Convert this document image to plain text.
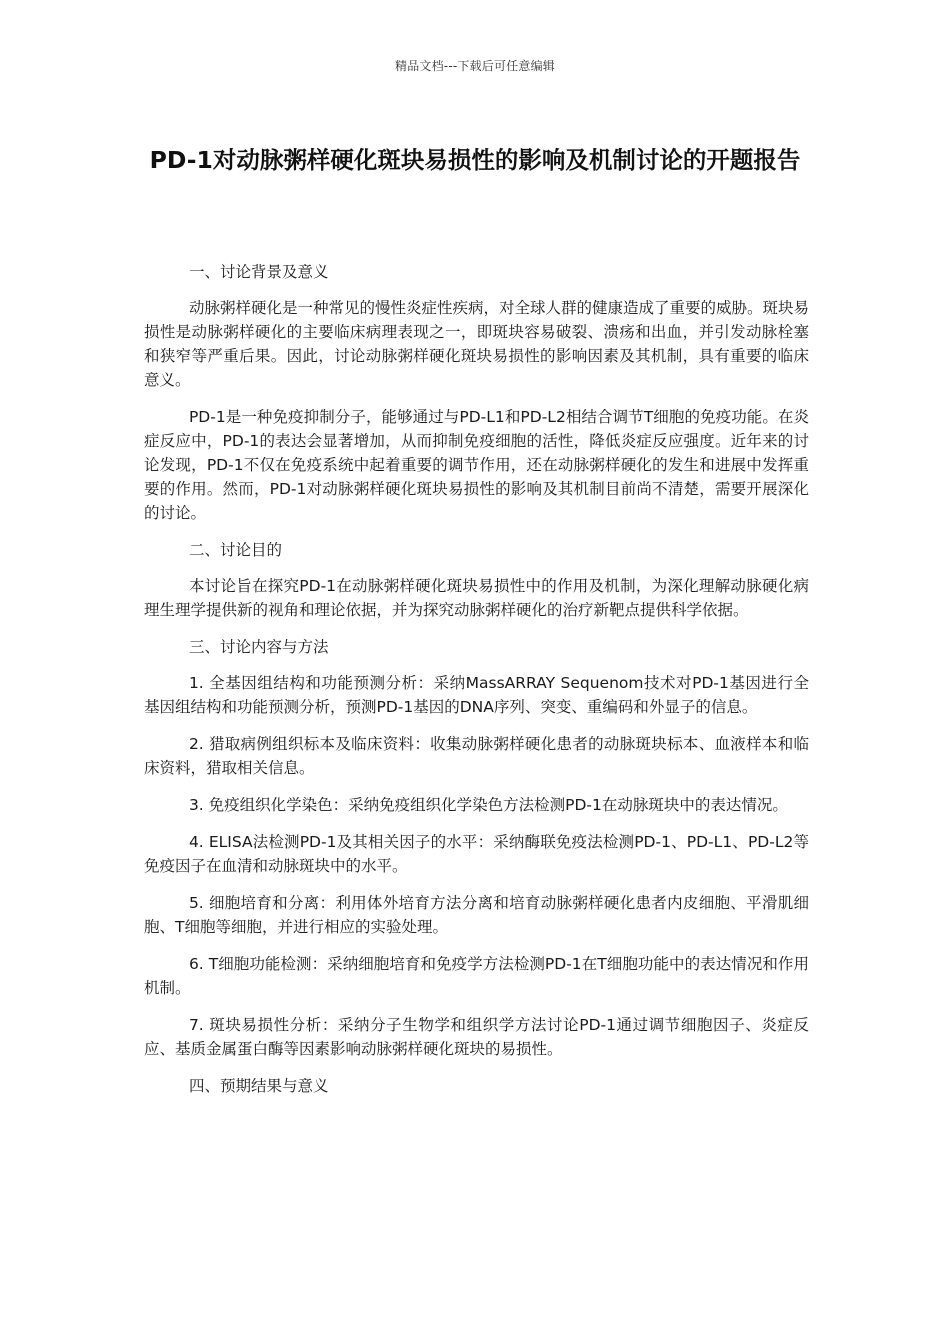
精品文档---下载后可任意编辑
PD-1对动脉粥样硬化斑块易损性的影响及机制讨论的开题报告

一、讨论背景及意义

动脉粥样硬化是一种常见的慢性炎症性疾病，对全球人群的健康造成了重要的威胁。斑块易损性是动脉粥样硬化的主要临床病理表现之一，即斑块容易破裂、溃疡和出血，并引发动脉栓塞和狭窄等严重后果。因此，讨论动脉粥样硬化斑块易损性的影响因素及其机制，具有重要的临床意义。

PD-1是一种免疫抑制分子，能够通过与PD-L1和PD-L2相结合调节T细胞的免疫功能。在炎症反应中，PD-1的表达会显著增加，从而抑制免疫细胞的活性，降低炎症反应强度。近年来的讨论发现，PD-1不仅在免疫系统中起着重要的调节作用，还在动脉粥样硬化的发生和进展中发挥重要的作用。然而，PD-1对动脉粥样硬化斑块易损性的影响及其机制目前尚不清楚，需要开展深化的讨论。

二、讨论目的

本讨论旨在探究PD-1在动脉粥样硬化斑块易损性中的作用及机制，为深化理解动脉硬化病理生理学提供新的视角和理论依据，并为探究动脉粥样硬化的治疗新靶点提供科学依据。

三、讨论内容与方法

1. 全基因组结构和功能预测分析：采纳MassARRAY Sequenom技术对PD-1基因进行全基因组结构和功能预测分析，预测PD-1基因的DNA序列、突变、重编码和外显子的信息。

2. 猎取病例组织标本及临床资料：收集动脉粥样硬化患者的动脉斑块标本、血液样本和临床资料，猎取相关信息。

3. 免疫组织化学染色：采纳免疫组织化学染色方法检测PD-1在动脉斑块中的表达情况。

4. ELISA法检测PD-1及其相关因子的水平：采纳酶联免疫法检测PD-1、PD-L1、PD-L2等免疫因子在血清和动脉斑块中的水平。

5. 细胞培育和分离：利用体外培育方法分离和培育动脉粥样硬化患者内皮细胞、平滑肌细胞、T细胞等细胞，并进行相应的实验处理。

6. T细胞功能检测：采纳细胞培育和免疫学方法检测PD-1在T细胞功能中的表达情况和作用机制。

7. 斑块易损性分析：采纳分子生物学和组织学方法讨论PD-1通过调节细胞因子、炎症反应、基质金属蛋白酶等因素影响动脉粥样硬化斑块的易损性。

四、预期结果与意义
